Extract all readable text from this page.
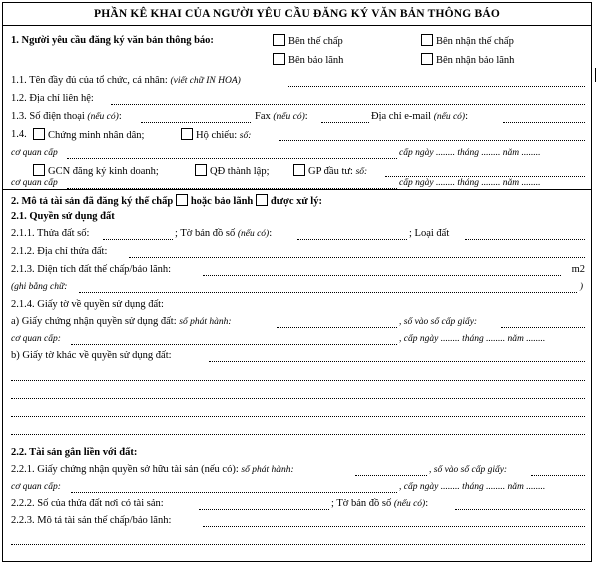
PHẦN KÊ KHAI CỦA NGƯỜI YÊU CẦU ĐĂNG KÝ VĂN BẢN THÔNG BÁO
1. Người yêu cầu đăng ký văn bản thông báo:	Bên thế chấp	Bên nhận thế chấp
Bên bảo lãnh	Bên nhận bảo lãnh
1.1. Tên đầy đủ của tổ chức, cá nhân: (viết chữ IN HOA)
1.2. Địa chỉ liên hệ:
1.3. Số điện thoại (nếu có):	Fax (nếu có):	Địa chỉ e-mail (nếu có):
1.4.	Chứng minh nhân dân;	Hộ chiếu: số:
cơ quan cấp	cấp ngày ........ tháng ........ năm ........
GCN đăng ký kinh doanh;	QĐ thành lập;	GP đầu tư: số:
cơ quan cấp	cấp ngày ........ tháng ........ năm ........
2. Mô tả tài sản đã đăng ký thế chấp hoặc bảo lãnh được xử lý:
2.1. Quyền sử dụng đất
2.1.1. Thửa đất số:	; Tờ bản đồ số (nếu có):	; Loại đất
2.1.2. Địa chỉ thửa đất:
2.1.3. Diện tích đất thế chấp/bảo lãnh:	m2
(ghi bằng chữ:	)
2.1.4. Giấy tờ về quyền sử dụng đất:
a) Giấy chứng nhận quyền sử dụng đất: số phát hành:	, số vào sổ cấp giấy:
cơ quan cấp:	, cấp ngày ........ tháng ........ năm ........
b) Giấy tờ khác về quyền sử dụng đất:
2.2. Tài sản gắn liền với đất:
2.2.1. Giấy chứng nhận quyền sở hữu tài sản (nếu có): số phát hành:	, số vào sổ cấp giấy:
cơ quan cấp:	, cấp ngày ........ tháng ........ năm ........
2.2.2. Số của thửa đất nơi có tài sản:	; Tờ bản đồ số (nếu có):
2.2.3. Mô tả tài sản thế chấp/bảo lãnh:
